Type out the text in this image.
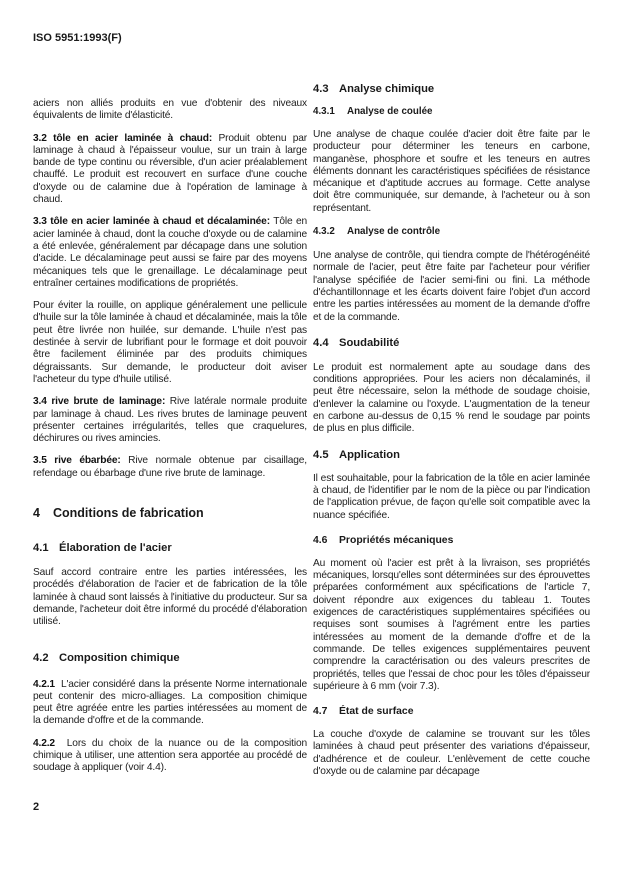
ISO 5951:1993(F)
aciers non alliés produits en vue d'obtenir des niveaux équivalents de limite d'élasticité.
3.2 tôle en acier laminée à chaud: Produit obtenu par laminage à chaud à l'épaisseur voulue, sur un train à large bande de type continu ou réversible, d'un acier préalablement chauffé. Le produit est recouvert en surface d'une couche d'oxyde ou de calamine due à l'opération de laminage à chaud.
3.3 tôle en acier laminée à chaud et décalaminée: Tôle en acier laminée à chaud, dont la couche d'oxyde ou de calamine a été enlevée, généralement par décapage dans une solution d'acide. Le décalaminage peut aussi se faire par des moyens mécaniques tels que le grenaillage. Le décalaminage peut entraîner certaines modifications de propriétés.
Pour éviter la rouille, on applique généralement une pellicule d'huile sur la tôle laminée à chaud et décalaminée, mais la tôle peut être livrée non huilée, sur demande. L'huile n'est pas destinée à servir de lubrifiant pour le formage et doit pouvoir être facilement éliminée par des produits chimiques dégraissants. Sur demande, le producteur doit aviser l'acheteur du type d'huile utilisé.
3.4 rive brute de laminage: Rive latérale normale produite par laminage à chaud. Les rives brutes de laminage peuvent présenter certaines irrégularités, telles que craquelures, déchirures ou rives amincies.
3.5 rive ébarbée: Rive normale obtenue par cisaillage, refendage ou ébarbage d'une rive brute de laminage.
4 Conditions de fabrication
4.1 Élaboration de l'acier
Sauf accord contraire entre les parties intéressées, les procédés d'élaboration de l'acier et de fabrication de la tôle laminée à chaud sont laissés à l'initiative du producteur. Sur sa demande, l'acheteur doit être informé du procédé d'élaboration utilisé.
4.2 Composition chimique
4.2.1 L'acier considéré dans la présente Norme internationale peut contenir des micro-alliages. La composition chimique peut être agréée entre les parties intéressées au moment de la demande d'offre et de la commande.
4.2.2 Lors du choix de la nuance ou de la composition chimique à utiliser, une attention sera apportée au procédé de soudage à appliquer (voir 4.4).
2
4.3 Analyse chimique
4.3.1 Analyse de coulée
Une analyse de chaque coulée d'acier doit être faite par le producteur pour déterminer les teneurs en carbone, manganèse, phosphore et soufre et les teneurs en autres éléments donnant les caractéristiques spécifiées de résistance mécanique et d'aptitude accrues au formage. Cette analyse doit être communiquée, sur demande, à l'acheteur ou à son représentant.
4.3.2 Analyse de contrôle
Une analyse de contrôle, qui tiendra compte de l'hétérogénéité normale de l'acier, peut être faite par l'acheteur pour vérifier l'analyse spécifiée de l'acier semi-fini ou fini. La méthode d'échantillonnage et les écarts doivent faire l'objet d'un accord entre les parties intéressées au moment de la demande d'offre et de la commande.
4.4 Soudabilité
Le produit est normalement apte au soudage dans des conditions appropriées. Pour les aciers non décalaminés, il peut être nécessaire, selon la méthode de soudage choisie, d'enlever la calamine ou l'oxyde. L'augmentation de la teneur en carbone au-dessus de 0,15 % rend le soudage par points de plus en plus difficile.
4.5 Application
Il est souhaitable, pour la fabrication de la tôle en acier laminée à chaud, de l'identifier par le nom de la pièce ou par l'indication de l'application prévue, de façon qu'elle soit compatible avec la nuance spécifiée.
4.6 Propriétés mécaniques
Au moment où l'acier est prêt à la livraison, ses propriétés mécaniques, lorsqu'elles sont déterminées sur des éprouvettes préparées conformément aux spécifications de l'article 7, doivent répondre aux exigences du tableau 1. Toutes exigences de caractéristiques supplémentaires spécifiées ou requises sont soumises à l'agrément entre les parties intéressées au moment de la demande d'offre et de la commande. De telles exigences supplémentaires peuvent comprendre la caractérisation ou des valeurs prescrites de propriétés, telles que l'essai de choc pour les tôles d'épaisseur supérieure à 6 mm (voir 7.3).
4.7 État de surface
La couche d'oxyde de calamine se trouvant sur les tôles laminées à chaud peut présenter des variations d'épaisseur, d'adhérence et de couleur. L'enlèvement de cette couche d'oxyde ou de calamine par décapage
